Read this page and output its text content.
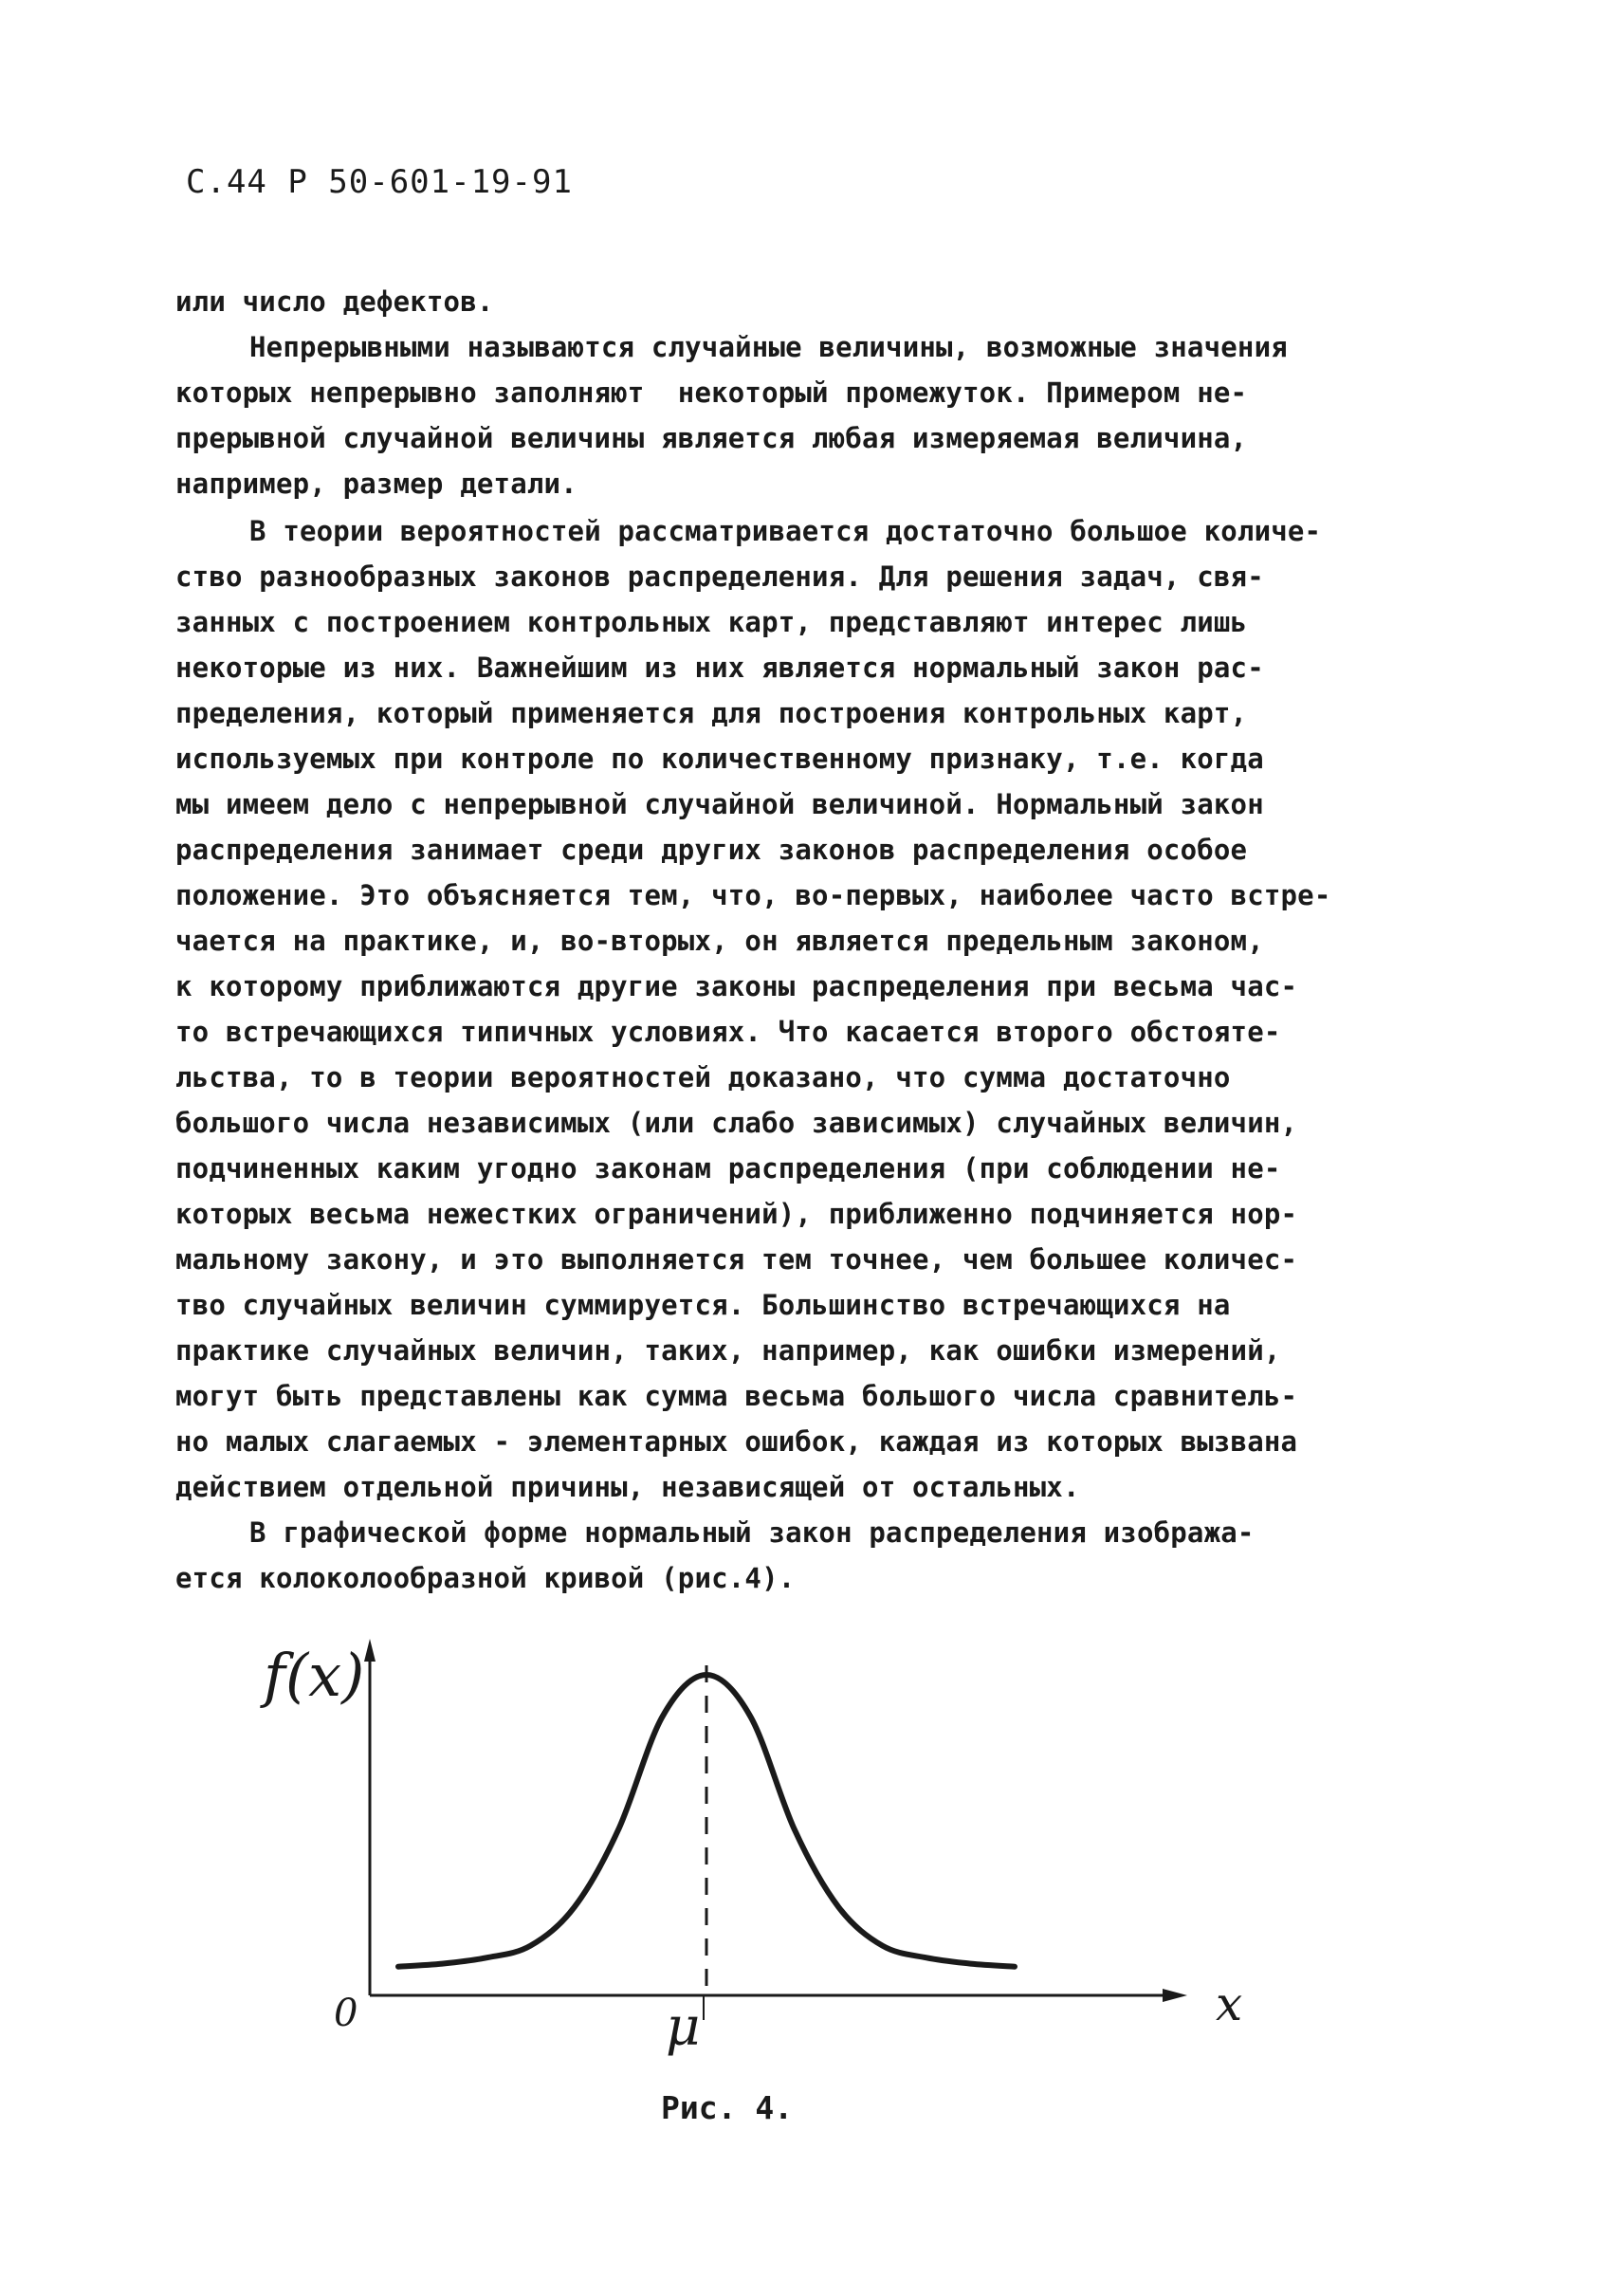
С.44 Р 50-601-19-91
или число дефектов.
Непрерывными называются случайные величины, возможные значения
которых непрерывно заполняют  некоторый промежуток. Примером не-
прерывной случайной величины является любая измеряемая величина,
например, размер детали.
В теории вероятностей рассматривается достаточно большое количе-
ство разнообразных законов распределения. Для решения задач, свя-
занных с построением контрольных карт, представляют интерес лишь
некоторые из них. Важнейшим из них является нормальный закон рас-
пределения, который применяется для построения контрольных карт,
используемых при контроле по количественному признаку, т.е. когда
мы имеем дело с непрерывной случайной величиной. Нормальный закон
распределения занимает среди других законов распределения особое
положение. Это объясняется тем, что, во-первых, наиболее часто встре-
чается на практике, и, во-вторых, он является предельным законом,
к которому приближаются другие законы распределения при весьма час-
то встречающихся типичных условиях. Что касается второго обстояте-
льства, то в теории вероятностей доказано, что сумма достаточно
большого числа независимых (или слабо зависимых) случайных величин,
подчиненных каким угодно законам распределения (при соблюдении не-
которых весьма нежестких ограничений), приближенно подчиняется нор-
мальному закону, и это выполняется тем точнее, чем большее количес-
тво случайных величин суммируется. Большинство встречающихся на
практике случайных величин, таких, например, как ошибки измерений,
могут быть представлены как сумма весьма большого числа сравнитель-
но малых слагаемых - элементарных ошибок, каждая из которых вызвана
действием отдельной причины, независящей от остальных.
В графической форме нормальный закон распределения изобража-
ется колоколообразной кривой (рис.4).
f(x)
0	μ	x
Рис. 4.
